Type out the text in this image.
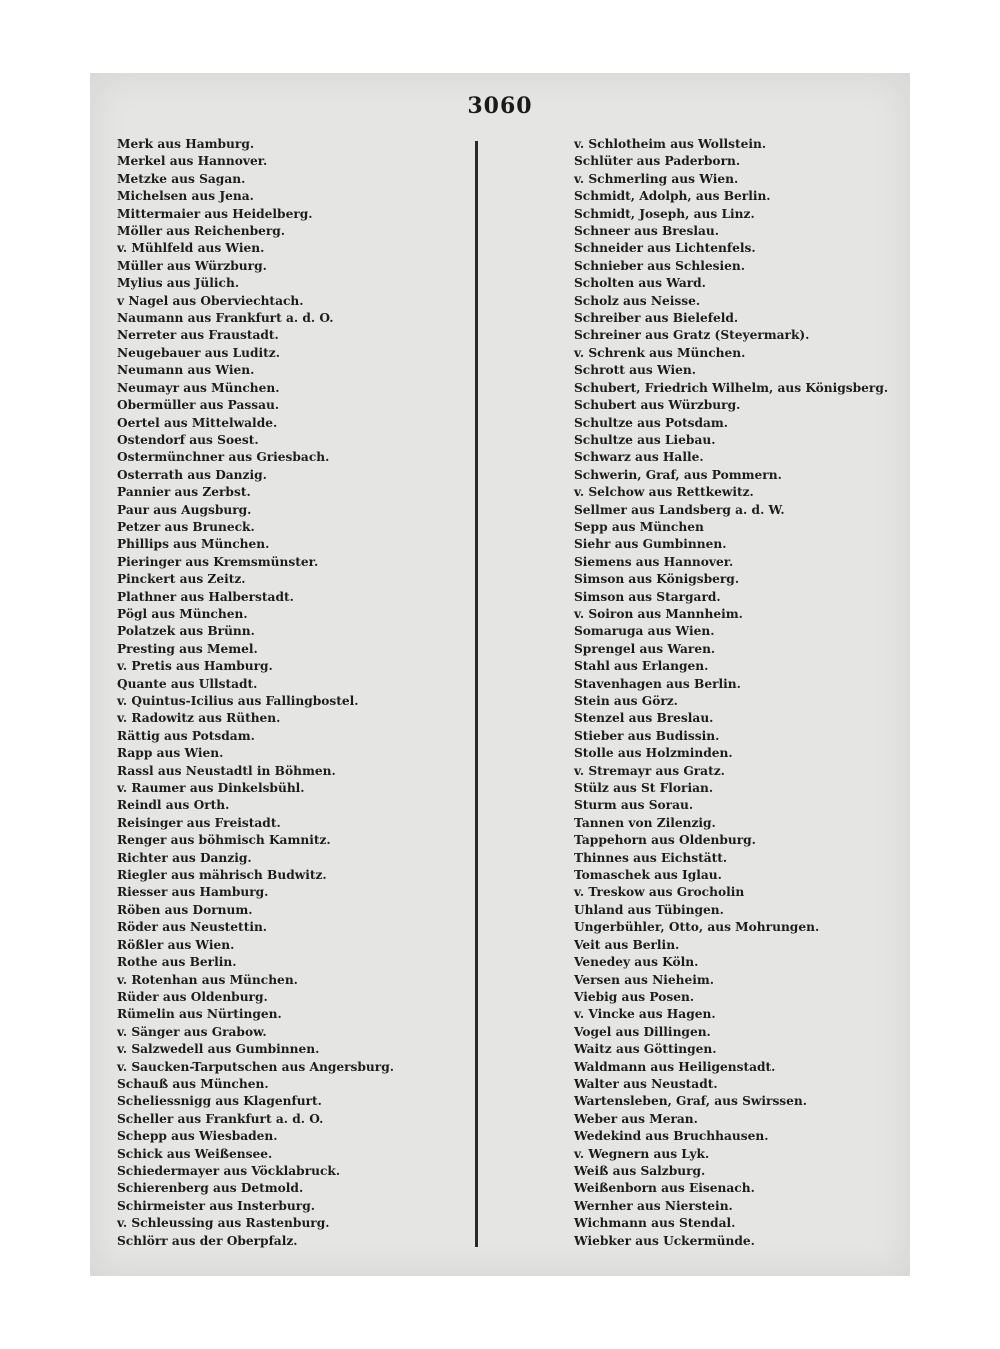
3060
Merk aus Hamburg.
Merkel aus Hannover.
Metzke aus Sagan.
Michelsen aus Jena.
Mittermaier aus Heidelberg.
Möller aus Reichenberg.
v. Mühlfeld aus Wien.
Müller aus Würzburg.
Mylius aus Jülich.
v Nagel aus Oberviechtach.
Naumann aus Frankfurt a. d. O.
Nerreter aus Fraustadt.
Neugebauer aus Luditz.
Neumann aus Wien.
Neumayr aus München.
Obermüller aus Passau.
Oertel aus Mittelwalde.
Ostendorf aus Soest.
Ostermünchner aus Griesbach.
Osterrath aus Danzig.
Pannier aus Zerbst.
Paur aus Augsburg.
Petzer aus Bruneck.
Phillips aus München.
Pieringer aus Kremsmünster.
Pinckert aus Zeitz.
Plathner aus Halberstadt.
Pögl aus München.
Polatzek aus Brünn.
Presting aus Memel.
v. Pretis aus Hamburg.
Quante aus Ullstadt.
v. Quintus-Icilius aus Fallingbostel.
v. Radowitz aus Rüthen.
Rättig aus Potsdam.
Rapp aus Wien.
Rassl aus Neustadtl in Böhmen.
v. Raumer aus Dinkelsbühl.
Reindl aus Orth.
Reisinger aus Freistadt.
Renger aus böhmisch Kamnitz.
Richter aus Danzig.
Riegler aus mährisch Budwitz.
Riesser aus Hamburg.
Röben aus Dornum.
Röder aus Neustettin.
Rößler aus Wien.
Rothe aus Berlin.
v. Rotenhan aus München.
Rüder aus Oldenburg.
Rümelin aus Nürtingen.
v. Sänger aus Grabow.
v. Salzwedell aus Gumbinnen.
v. Saucken-Tarputschen aus Angersburg.
Schauß aus München.
Scheliessnigg aus Klagenfurt.
Scheller aus Frankfurt a. d. O.
Schepp aus Wiesbaden.
Schick aus Weißensee.
Schiedermayer aus Vöcklabruck.
Schierenberg aus Detmold.
Schirmeister aus Insterburg.
v. Schleussing aus Rastenburg.
Schlörr aus der Oberpfalz.
v. Schlotheim aus Wollstein.
Schlüter aus Paderborn.
v. Schmerling aus Wien.
Schmidt, Adolph, aus Berlin.
Schmidt, Joseph, aus Linz.
Schneer aus Breslau.
Schneider aus Lichtenfels.
Schnieber aus Schlesien.
Scholten aus Ward.
Scholz aus Neisse.
Schreiber aus Bielefeld.
Schreiner aus Gratz (Steyermark).
v. Schrenk aus München.
Schrott aus Wien.
Schubert, Friedrich Wilhelm, aus Königsberg.
Schubert aus Würzburg.
Schultze aus Potsdam.
Schultze aus Liebau.
Schwarz aus Halle.
Schwerin, Graf, aus Pommern.
v. Selchow aus Rettkewitz.
Sellmer aus Landsberg a. d. W.
Sepp aus München
Siehr aus Gumbinnen.
Siemens aus Hannover.
Simson aus Königsberg.
Simson aus Stargard.
v. Soiron aus Mannheim.
Somaruga aus Wien.
Sprengel aus Waren.
Stahl aus Erlangen.
Stavenhagen aus Berlin.
Stein aus Görz.
Stenzel aus Breslau.
Stieber aus Budissin.
Stolle aus Holzminden.
v. Stremayr aus Gratz.
Stülz aus St Florian.
Sturm aus Sorau.
Tannen von Zilenzig.
Tappehorn aus Oldenburg.
Thinnes aus Eichstätt.
Tomaschek aus Iglau.
v. Treskow aus Grocholin
Uhland aus Tübingen.
Ungerbühler, Otto, aus Mohrungen.
Veit aus Berlin.
Venedey aus Köln.
Versen aus Nieheim.
Viebig aus Posen.
v. Vincke aus Hagen.
Vogel aus Dillingen.
Waitz aus Göttingen.
Waldmann aus Heiligenstadt.
Walter aus Neustadt.
Wartensleben, Graf, aus Swirssen.
Weber aus Meran.
Wedekind aus Bruchhausen.
v. Wegnern aus Lyk.
Weiß aus Salzburg.
Weißenborn aus Eisenach.
Wernher aus Nierstein.
Wichmann aus Stendal.
Wiebker aus Uckermünde.
